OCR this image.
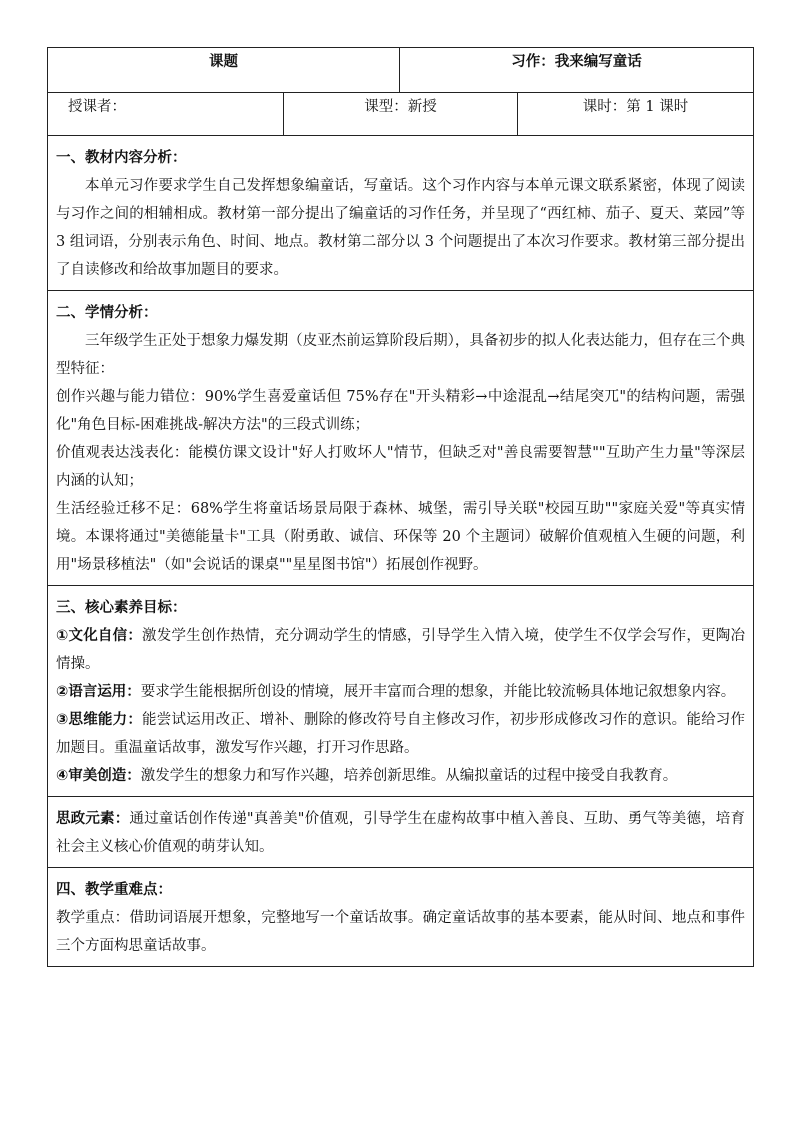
课题		习作：我来编写童话	
授课者：	课型：新授		课时：第 1 课时

一、教材内容分析：

本单元习作要求学生自己发挥想象编童话，写童话。这个习作内容与本单元课文联系紧密，体现了阅读与习作之间的相辅相成。教材第一部分提出了编童话的习作任务，并呈现了“西红柿、茄子、夏天、菜园”等 3 组词语，分别表示角色、时间、地点。教材第二部分以 3 个问题提出了本次习作要求。教材第三部分提出了自读修改和给故事加题目的要求。			

二、学情分析：

三年级学生正处于想象力爆发期（皮亚杰前运算阶段后期），具备初步的拟人化表达能力，但存在三个典型特征：

创作兴趣与能力错位：90%学生喜爱童话但 75%存在"开头精彩→中途混乱→结尾突兀"的结构问题，需强化"角色目标-困难挑战-解决方法"的三段式训练；

价值观表达浅表化：能模仿课文设计"好人打败坏人"情节，但缺乏对"善良需要智慧""互助产生力量"等深层内涵的认知；

生活经验迁移不足：68%学生将童话场景局限于森林、城堡，需引导关联"校园互助""家庭关爱"等真实情境。本课将通过"美德能量卡"工具（附勇敢、诚信、环保等 20 个主题词）破解价值观植入生硬的问题，利用"场景移植法"（如"会说话的课桌""星星图书馆"）拓展创作视野。			

三、核心素养目标：

①文化自信：激发学生创作热情，充分调动学生的情感，引导学生入情入境，使学生不仅学会写作，更陶冶情操。

②语言运用：要求学生能根据所创设的情境，展开丰富而合理的想象，并能比较流畅具体地记叙想象内容。

③思维能力：能尝试运用改正、增补、删除的修改符号自主修改习作，初步形成修改习作的意识。能给习作加题目。重温童话故事，激发写作兴趣，打开习作思路。

④审美创造：激发学生的想象力和写作兴趣，培养创新思维。从编拟童话的过程中接受自我教育。			

思政元素：通过童话创作传递"真善美"价值观，引导学生在虚构故事中植入善良、互助、勇气等美德，培育社会主义核心价值观的萌芽认知。			

四、教学重难点：

教学重点：借助词语展开想象，完整地写一个童话故事。确定童话故事的基本要素，能从时间、地点和事件三个方面构思童话故事。			
